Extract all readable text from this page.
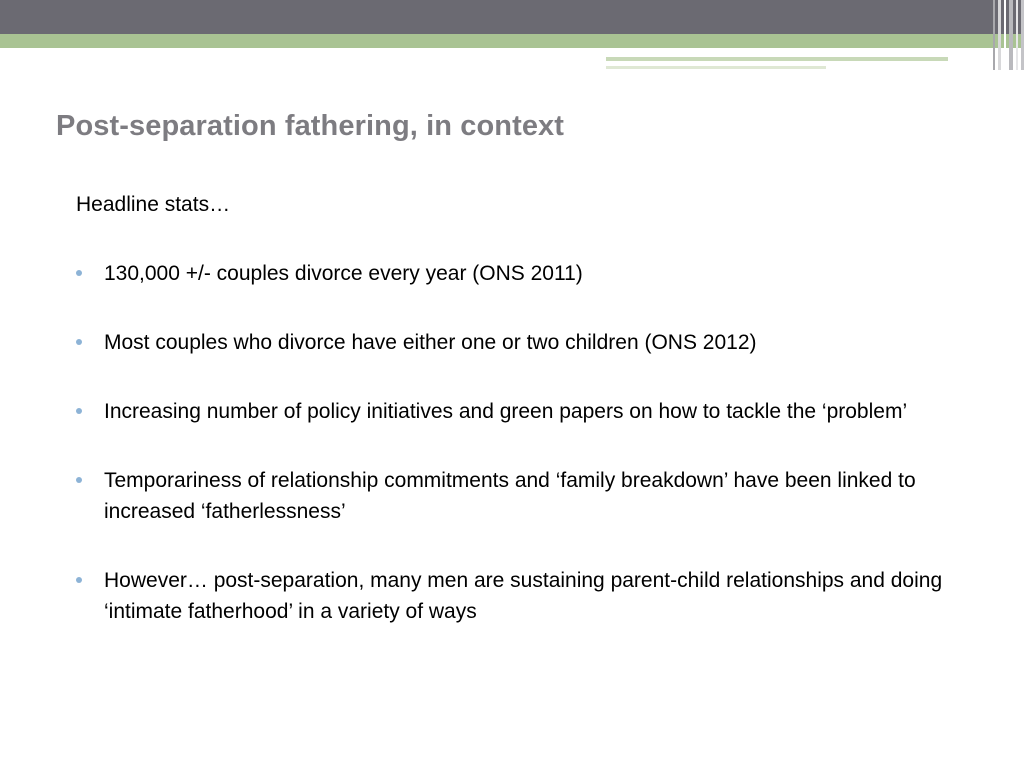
Post-separation fathering, in context

Headline stats…

130,000 +/- couples divorce every year (ONS 2011)
Most couples who divorce have either one or two children (ONS 2012)
Increasing number of policy initiatives and green papers on how to tackle the ‘problem’
Temporariness of relationship commitments and ‘family breakdown’ have been linked to increased ‘fatherlessness’
However… post-separation, many men are sustaining parent-child relationships and doing ‘intimate fatherhood’ in a variety of ways
